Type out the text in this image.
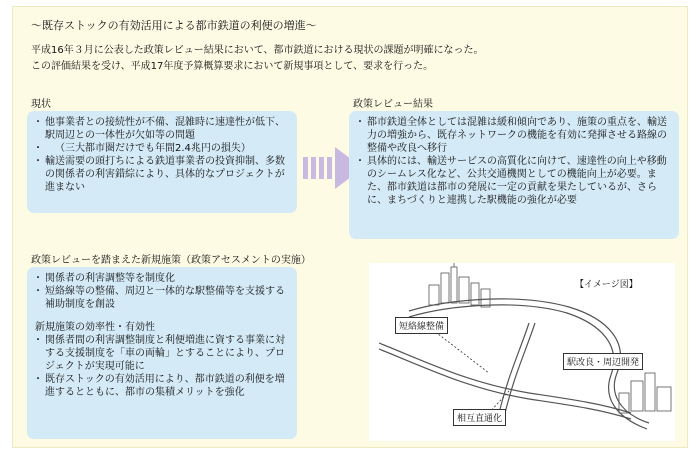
〜既存ストックの有効活用による都市鉄道の利便の増進〜
平成16年３月に公表した政策レビュー結果において、都市鉄道における現状の課題が明確になった。
この評価結果を受け、平成17年度予算概算要求において新規事項として、要求を行った。
現状
・ 他事業者との接続性が不備、混雑時に速達性が低下、駅周辺との一体性が欠如等の問題
・ （三大都市圏だけでも年間2.4兆円の損失）
・ 輸送需要の頭打ちによる鉄道事業者の投資抑制、多数の関係者の利害錯綜により、具体的なプロジェクトが進まない
政策レビュー結果
・ 都市鉄道全体としては混雑は緩和傾向であり、施策の重点を、輸送力の増強から、既存ネットワークの機能を有効に発揮させる路線の整備や改良へ移行
・ 具体的には、輸送サービスの高質化に向けて、速達性の向上や移動のシームレス化など、公共交通機関としての機能向上が必要。また、都市鉄道は都市の発展に一定の貢献を果たしているが、さらに、まちづくりと連携した駅機能の強化が必要
政策レビューを踏まえた新規施策（政策アセスメントの実施）
・ 関係者の利害調整等を制度化
・ 短絡線等の整備、周辺と一体的な駅整備等を支援する補助制度を創設
新規施策の効率性・有効性
・ 関係者間の利害調整制度と利便増進に資する事業に対する支援制度を「車の両輪」とすることにより、プロジェクトが実現可能に
・ 既存ストックの有効活用により、都市鉄道の利便を増進するとともに、都市の集積メリットを強化
【イメージ図】
短絡線整備
駅改良・周辺開発
相互直通化
